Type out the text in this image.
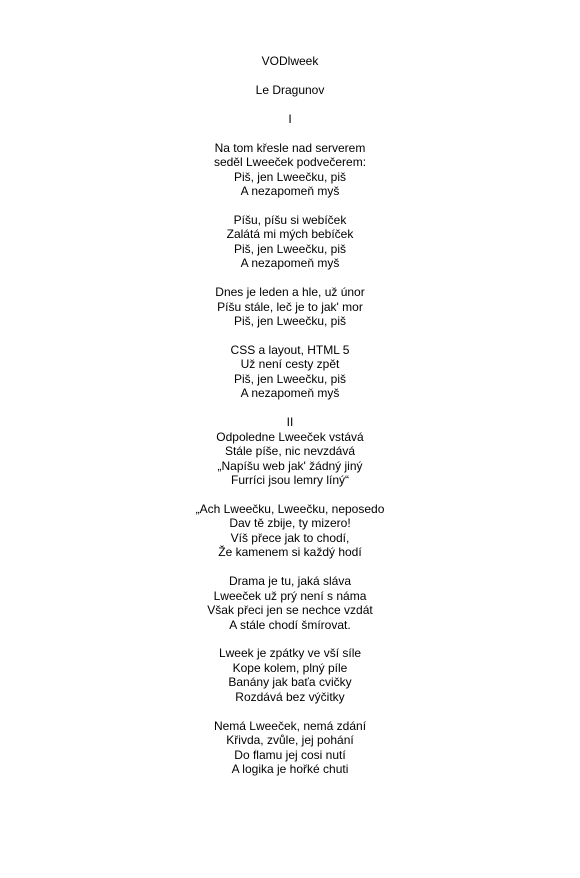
VODlweek
Le Dragunov
I
Na tom křesle nad serverem
seděl Lweeček podvečerem:
Piš, jen Lweečku, piš
A nezapomeň myš
Píšu, píšu si webíček
Zalátá mi mých bebíček
Piš, jen Lweečku, piš
A nezapomeň myš
Dnes je leden a hle, už únor
Píšu stále, leč je to jak' mor
Piš, jen Lweečku, piš
CSS a layout, HTML 5
Už není cesty zpět
Piš, jen Lweečku, piš
A nezapomeň myš
II
Odpoledne Lweeček vstává
Stále píše, nic nevzdává
„Napíšu web jak' žádný jiný
Furríci jsou lemry líný“
„Ach Lweečku, Lweečku, neposedo
Dav tě zbije, ty mizero!
Víš přece jak to chodí,
Že kamenem si každý hodí
Drama je tu, jaká sláva
Lweeček už prý není s náma
Však přeci jen se nechce vzdát
A stále chodí šmírovat.
Lweek je zpátky ve vší síle
Kope kolem, plný píle
Banány jak baťa cvičky
Rozdává bez výčitky
Nemá Lweeček, nemá zdání
Křivda, zvůle, jej pohání
Do flamu jej cosi nutí
A logika je hořké chuti
